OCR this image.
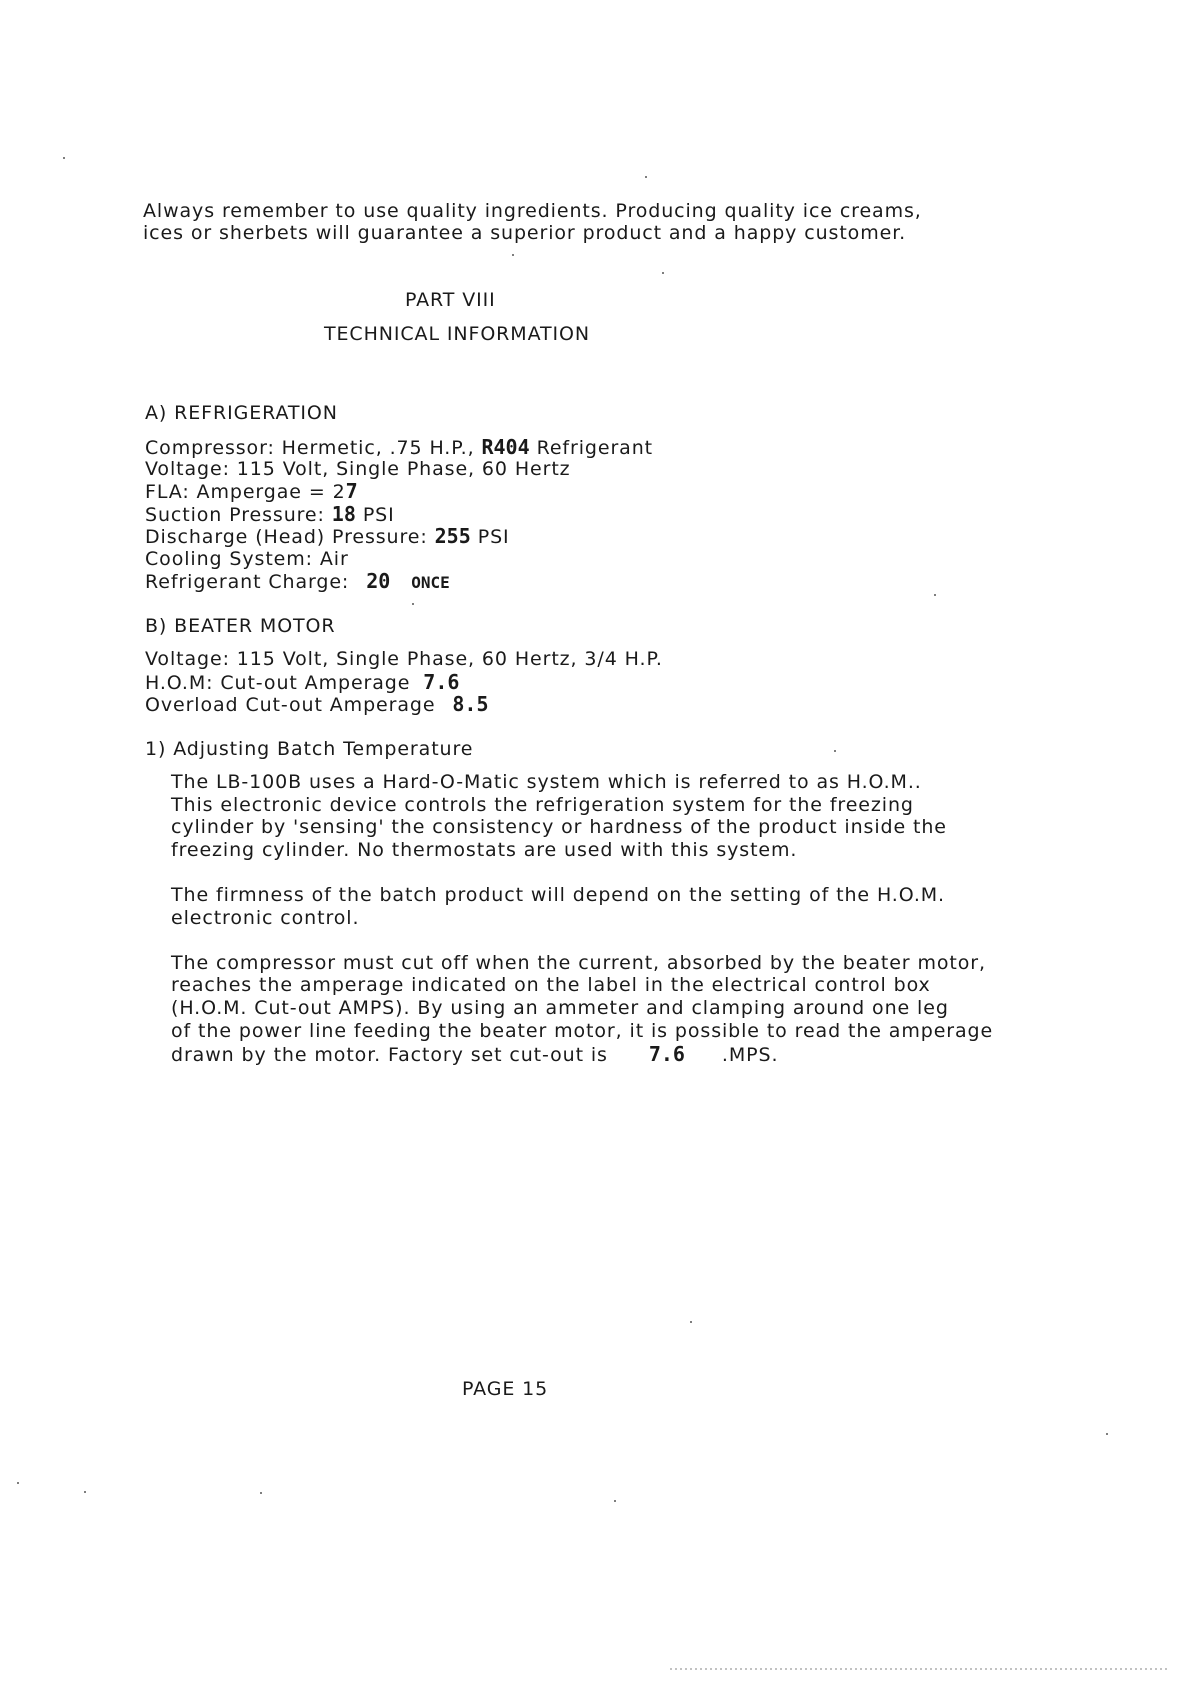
Always remember to use quality ingredients. Producing quality ice creams,
ices or sherbets will guarantee a superior product and a happy customer.
PART VIII
TECHNICAL INFORMATION
A) REFRIGERATION
Compressor: Hermetic, .75 H.P., R404 Refrigerant
Voltage: 115 Volt, Single Phase, 60 Hertz
FLA: Ampergae = 27
Suction Pressure: 18 PSI
Discharge (Head) Pressure: 255 PSI
Cooling System: Air
Refrigerant Charge: 20 ONCE
B) BEATER MOTOR
Voltage: 115 Volt, Single Phase, 60 Hertz, 3/4 H.P.
H.O.M: Cut-out Amperage 7.6
Overload Cut-out Amperage 8.5
1) Adjusting Batch Temperature
The LB-100B uses a Hard-O-Matic system which is referred to as H.O.M..
This electronic device controls the refrigeration system for the freezing
cylinder by 'sensing' the consistency or hardness of the product inside the
freezing cylinder. No thermostats are used with this system.
The firmness of the batch product will depend on the setting of the H.O.M.
electronic control.
The compressor must cut off when the current, absorbed by the beater motor,
reaches the amperage indicated on the label in the electrical control box
(H.O.M. Cut-out AMPS). By using an ammeter and clamping around one leg
of the power line feeding the beater motor, it is possible to read the amperage
drawn by the motor. Factory set cut-out is 7.6 .MPS.
PAGE 15
